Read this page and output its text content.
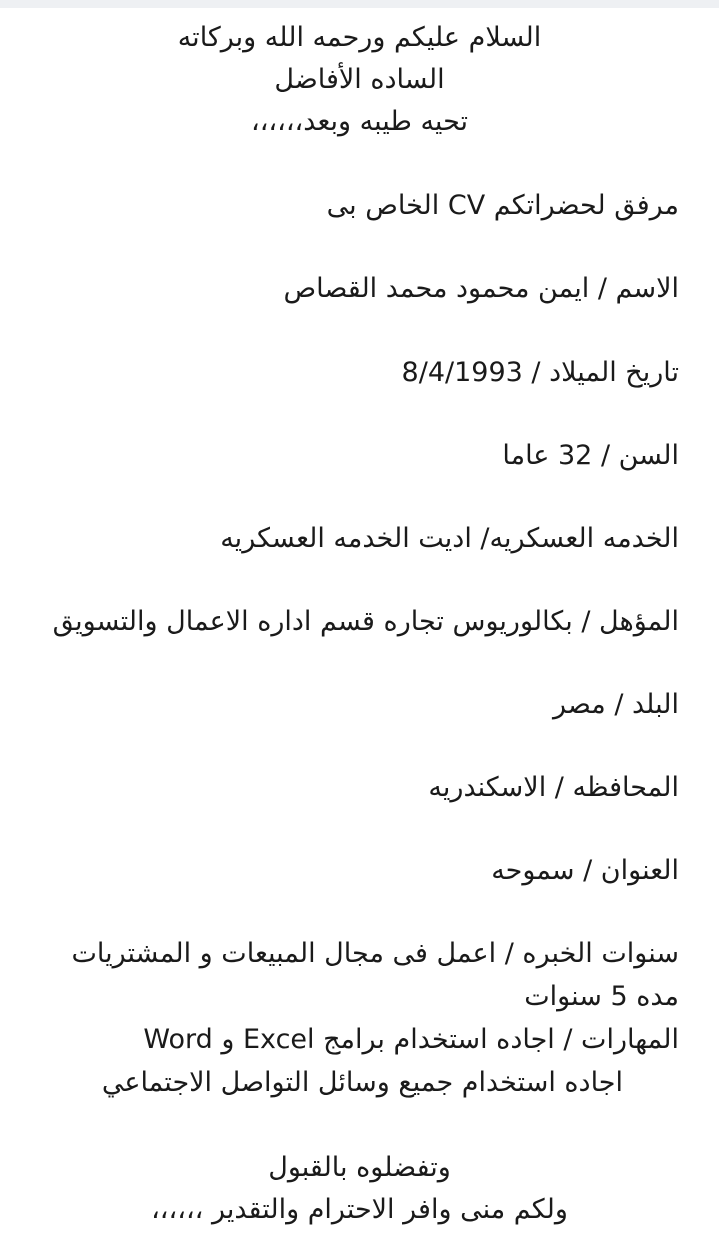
السلام عليكم ورحمه الله وبركاته
الساده الأفاضل
تحيه طيبه وبعد،،،،،،
مرفق لحضراتكم CV الخاص بى
الاسم / ايمن محمود محمد القصاص
تاريخ الميلاد / 8/4/1993
السن / 32 عاما
الخدمه العسكريه/ اديت الخدمه العسكريه
المؤهل / بكالوريوس تجاره قسم اداره الاعمال والتسويق
البلد / مصر
المحافظه / الاسكندريه
العنوان / سموحه
سنوات الخبره / اعمل فى مجال المبيعات و المشتريات
مده 5 سنوات
المهارات / اجاده استخدام برامج Excel و Word
اجاده استخدام جميع وسائل التواصل الاجتماعي
وتفضلوه بالقبول
ولكم منى وافر الاحترام والتقدير ،،،،،،
